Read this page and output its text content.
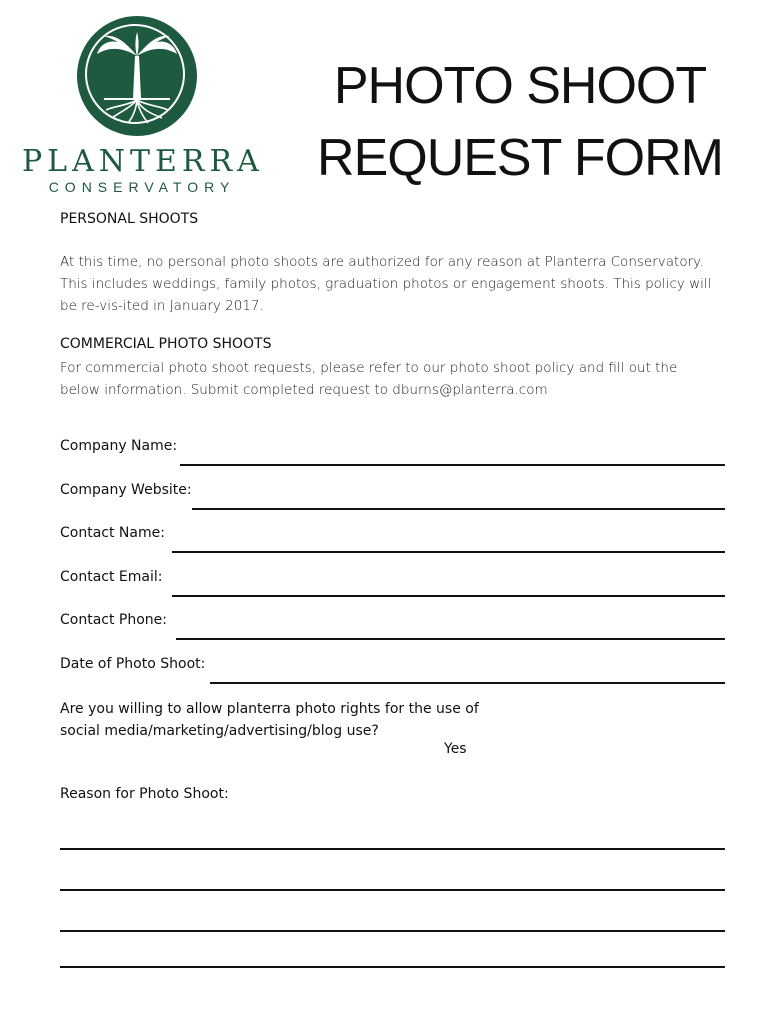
PLANTERRA
CONSERVATORY
PHOTO SHOOT
REQUEST FORM
PERSONAL SHOOTS
At this time, no personal photo shoots are authorized for any reason at Planterra Conservatory. This includes weddings, family photos, graduation photos or engagement shoots. This policy will be re-vis-ited in January 2017.
COMMERCIAL PHOTO SHOOTS
For commercial photo shoot requests, please refer to our photo shoot policy and fill out the below information. Submit completed request to dburns@planterra.com
Company Name:
Company Website:
Contact Name:
Contact Email:
Contact Phone:
Date of Photo Shoot:
Are you willing to allow planterra photo rights for the use of social media/marketing/advertising/blog use?
Yes
Reason for Photo Shoot:
